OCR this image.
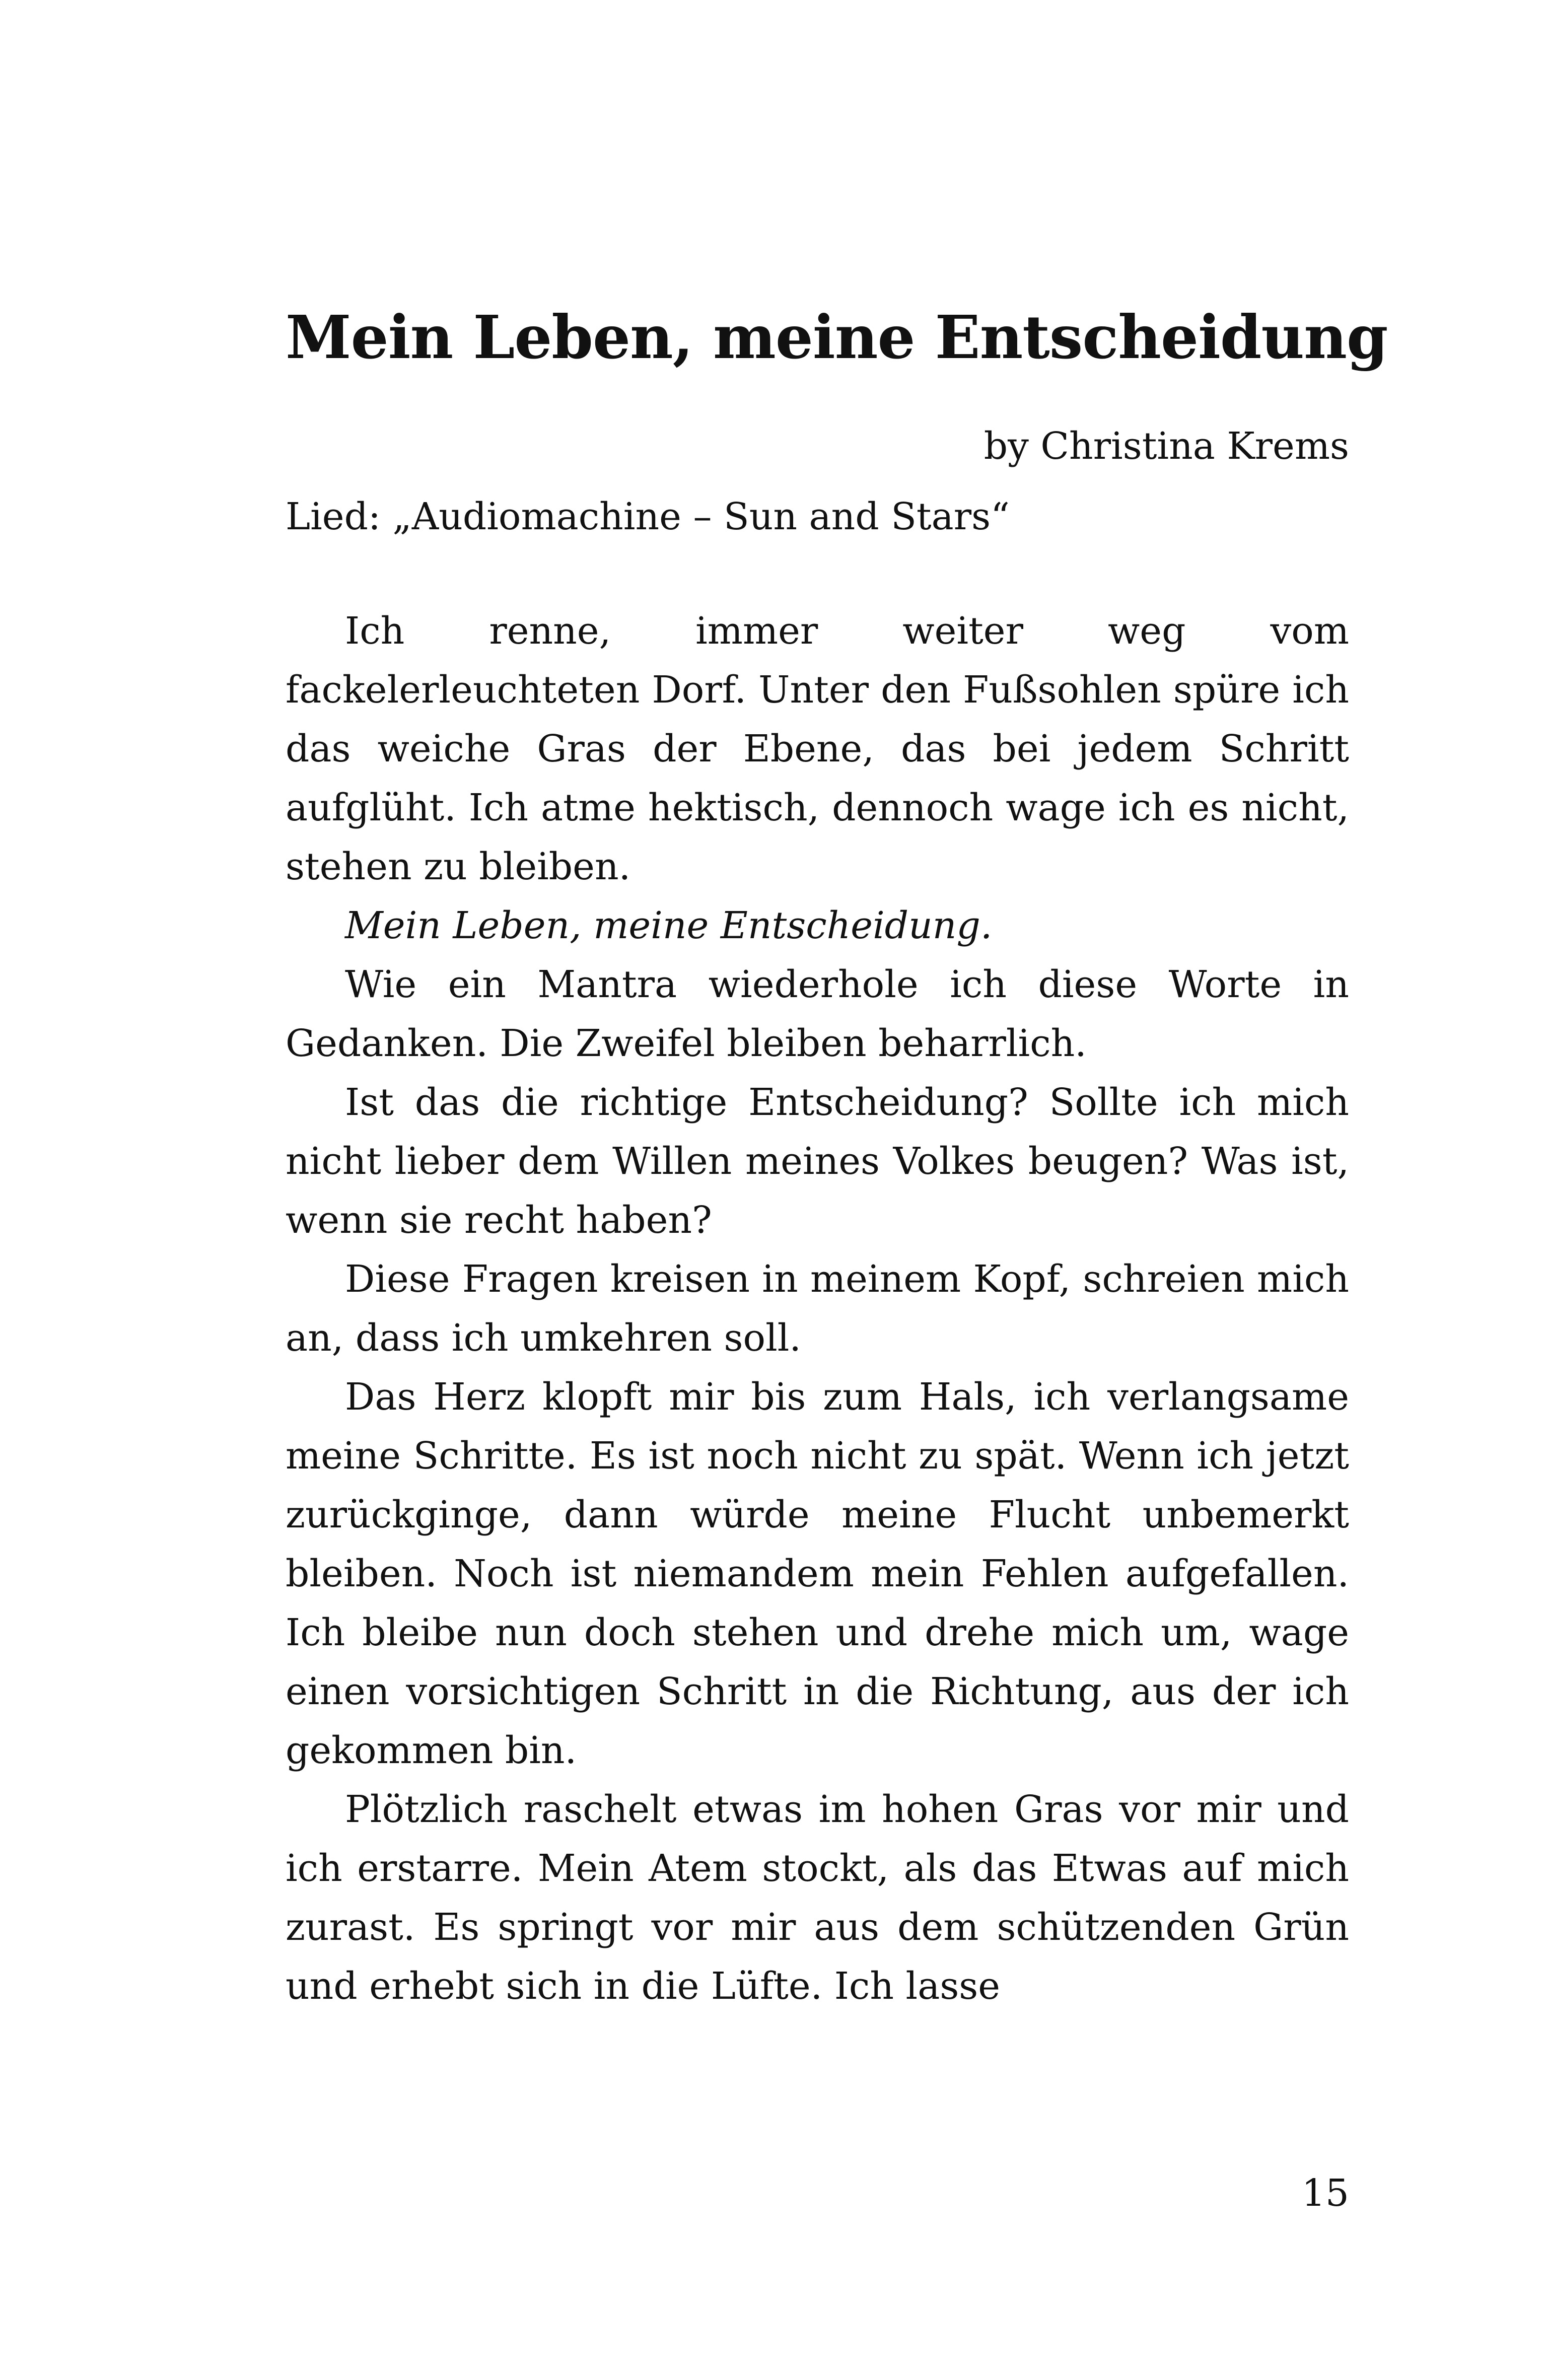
Mein Leben, meine Entscheidung
by Christina Krems
Lied: „Audiomachine – Sun and Stars“

Ich renne, immer weiter weg vom fackelerleuchteten Dorf. Unter den Fußsohlen spüre ich das weiche Gras der Ebene, das bei jedem Schritt aufglüht. Ich atme hektisch, dennoch wage ich es nicht, stehen zu bleiben.

Mein Leben, meine Entscheidung.

Wie ein Mantra wiederhole ich diese Worte in Gedanken. Die Zweifel bleiben beharrlich.

Ist das die richtige Entscheidung? Sollte ich mich nicht lieber dem Willen meines Volkes beugen? Was ist, wenn sie recht haben?

Diese Fragen kreisen in meinem Kopf, schreien mich an, dass ich umkehren soll.

Das Herz klopft mir bis zum Hals, ich verlangsame meine Schritte. Es ist noch nicht zu spät. Wenn ich jetzt zurückginge, dann würde meine Flucht unbemerkt bleiben. Noch ist niemandem mein Fehlen aufgefallen. Ich bleibe nun doch stehen und drehe mich um, wage einen vorsichtigen Schritt in die Richtung, aus der ich gekommen bin.

Plötzlich raschelt etwas im hohen Gras vor mir und ich erstarre. Mein Atem stockt, als das Etwas auf mich zurast. Es springt vor mir aus dem schützenden Grün und erhebt sich in die Lüfte. Ich lasse

15
